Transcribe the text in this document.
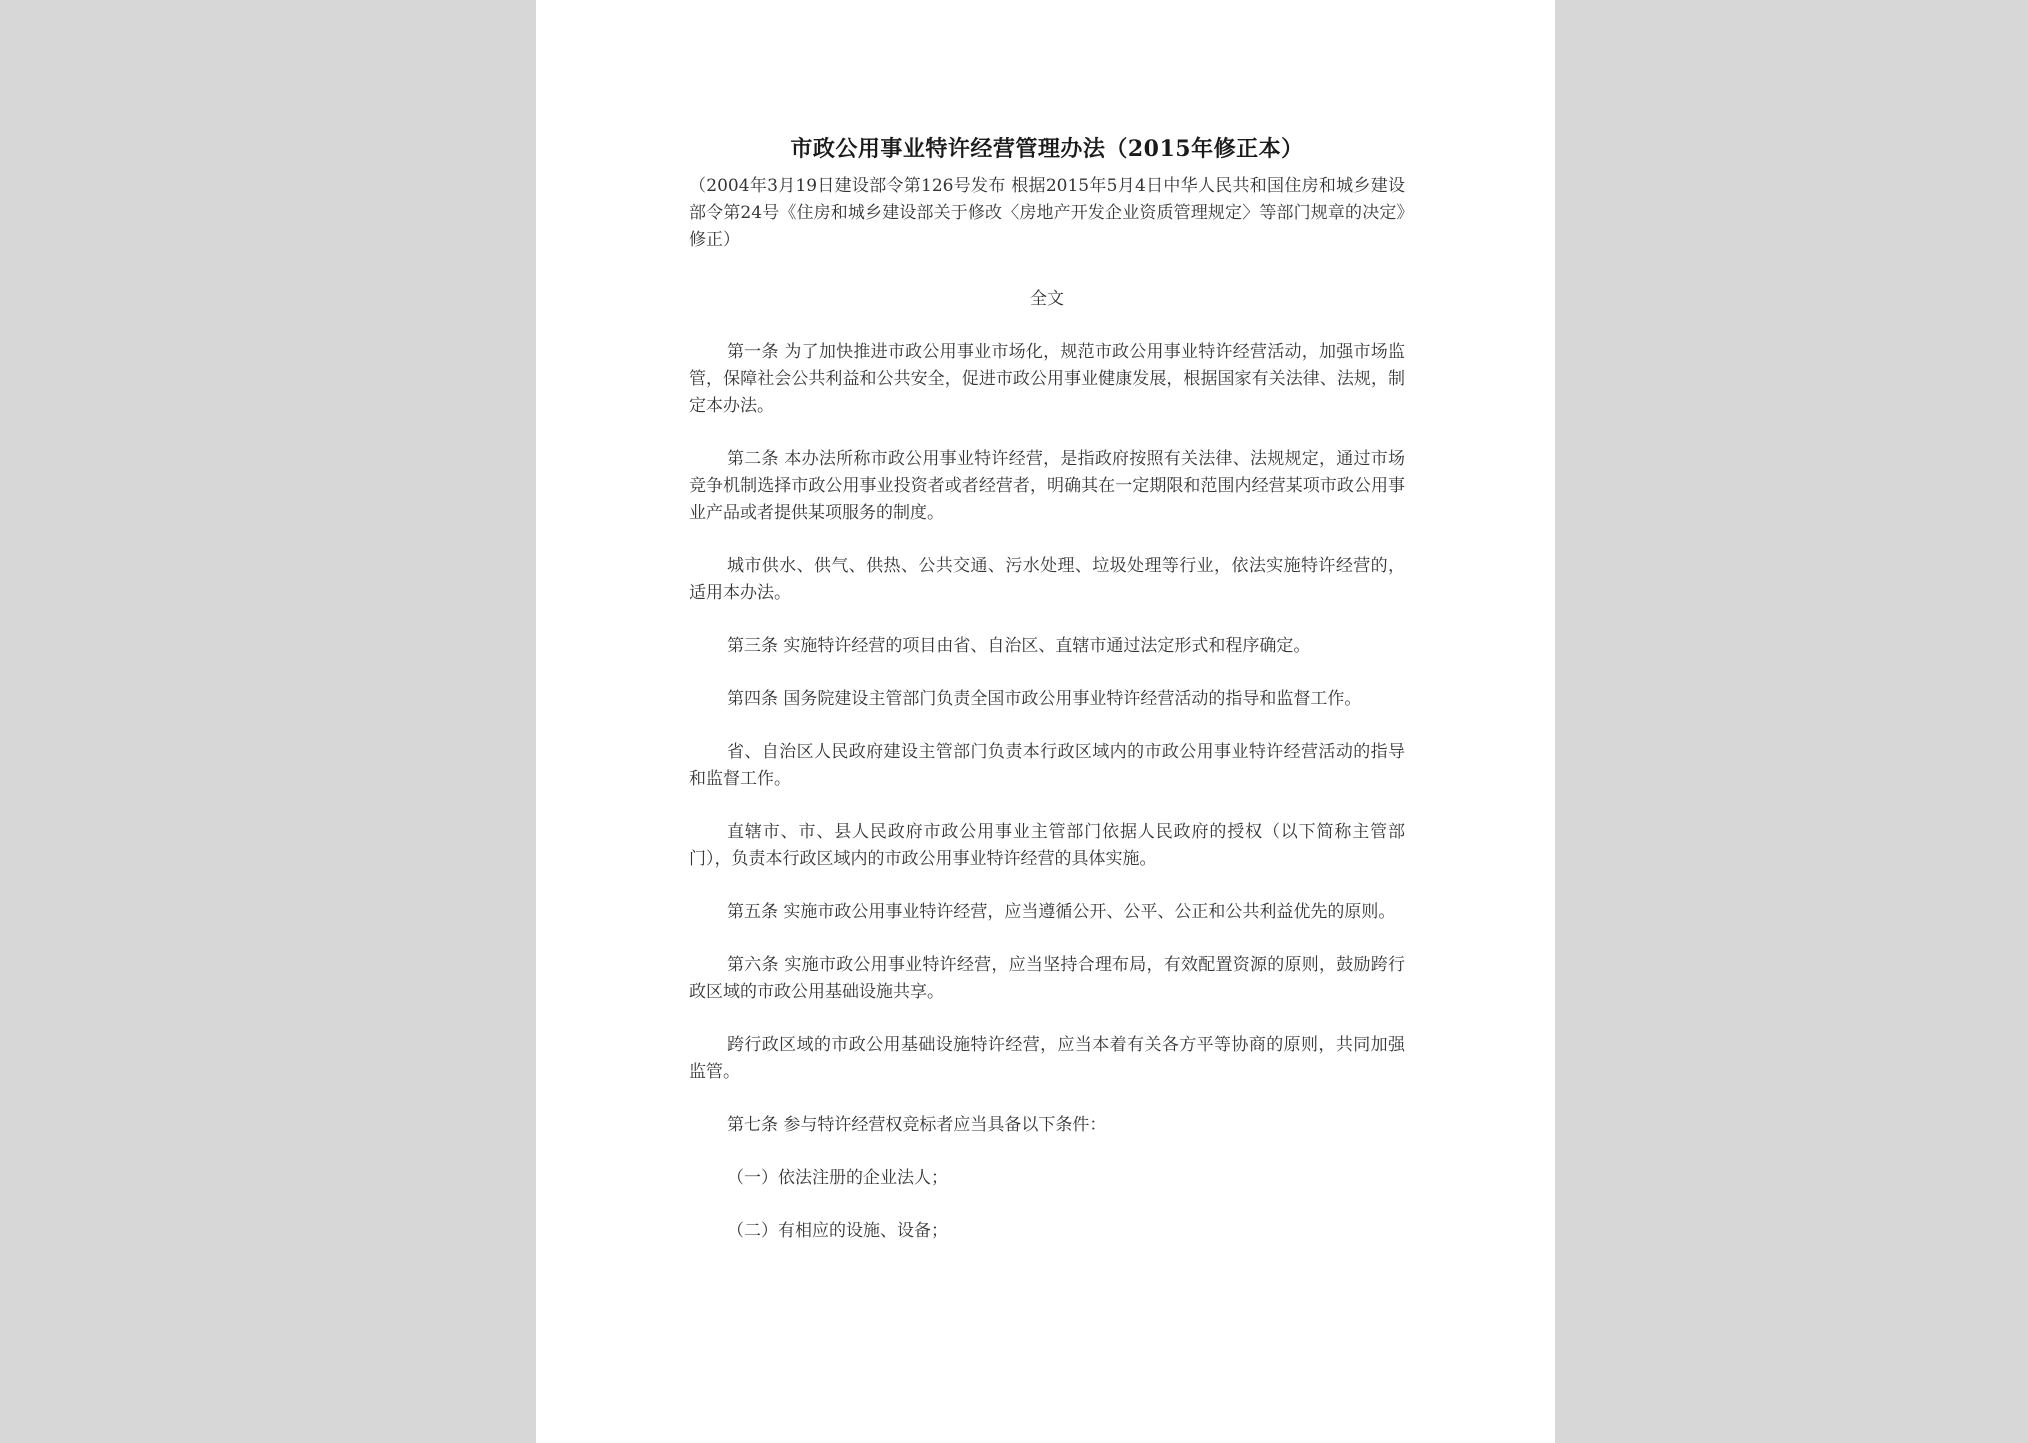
市政公用事业特许经营管理办法（2015年修正本）
（2004年3月19日建设部令第126号发布 根据2015年5月4日中华人民共和国住房和城乡建设部令第24号《住房和城乡建设部关于修改〈房地产开发企业资质管理规定〉等部门规章的决定》修正）
全文

第一条 为了加快推进市政公用事业市场化，规范市政公用事业特许经营活动，加强市场监管，保障社会公共利益和公共安全，促进市政公用事业健康发展，根据国家有关法律、法规，制定本办法。

第二条 本办法所称市政公用事业特许经营，是指政府按照有关法律、法规规定，通过市场竞争机制选择市政公用事业投资者或者经营者，明确其在一定期限和范围内经营某项市政公用事业产品或者提供某项服务的制度。

城市供水、供气、供热、公共交通、污水处理、垃圾处理等行业，依法实施特许经营的，适用本办法。

第三条 实施特许经营的项目由省、自治区、直辖市通过法定形式和程序确定。

第四条 国务院建设主管部门负责全国市政公用事业特许经营活动的指导和监督工作。

省、自治区人民政府建设主管部门负责本行政区域内的市政公用事业特许经营活动的指导和监督工作。

直辖市、市、县人民政府市政公用事业主管部门依据人民政府的授权（以下简称主管部门），负责本行政区域内的市政公用事业特许经营的具体实施。

第五条 实施市政公用事业特许经营，应当遵循公开、公平、公正和公共利益优先的原则。

第六条 实施市政公用事业特许经营，应当坚持合理布局，有效配置资源的原则，鼓励跨行政区域的市政公用基础设施共享。

跨行政区域的市政公用基础设施特许经营，应当本着有关各方平等协商的原则，共同加强监管。

第七条 参与特许经营权竞标者应当具备以下条件：

（一）依法注册的企业法人；

（二）有相应的设施、设备；
